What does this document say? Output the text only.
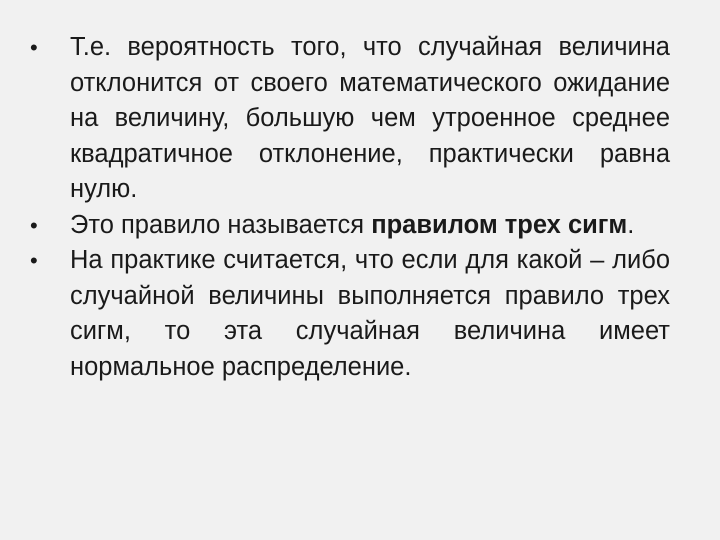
•	Т.е. вероятность того, что случайная величина отклонится от своего математического ожидание на величину, большую чем утроенное среднее квадратичное отклонение, практически равна нулю.
•	Это правило называется правилом трех сигм.
•	На практике считается, что если для какой – либо случайной величины выполняется правило трех сигм, то эта случайная величина имеет нормальное распределение.
